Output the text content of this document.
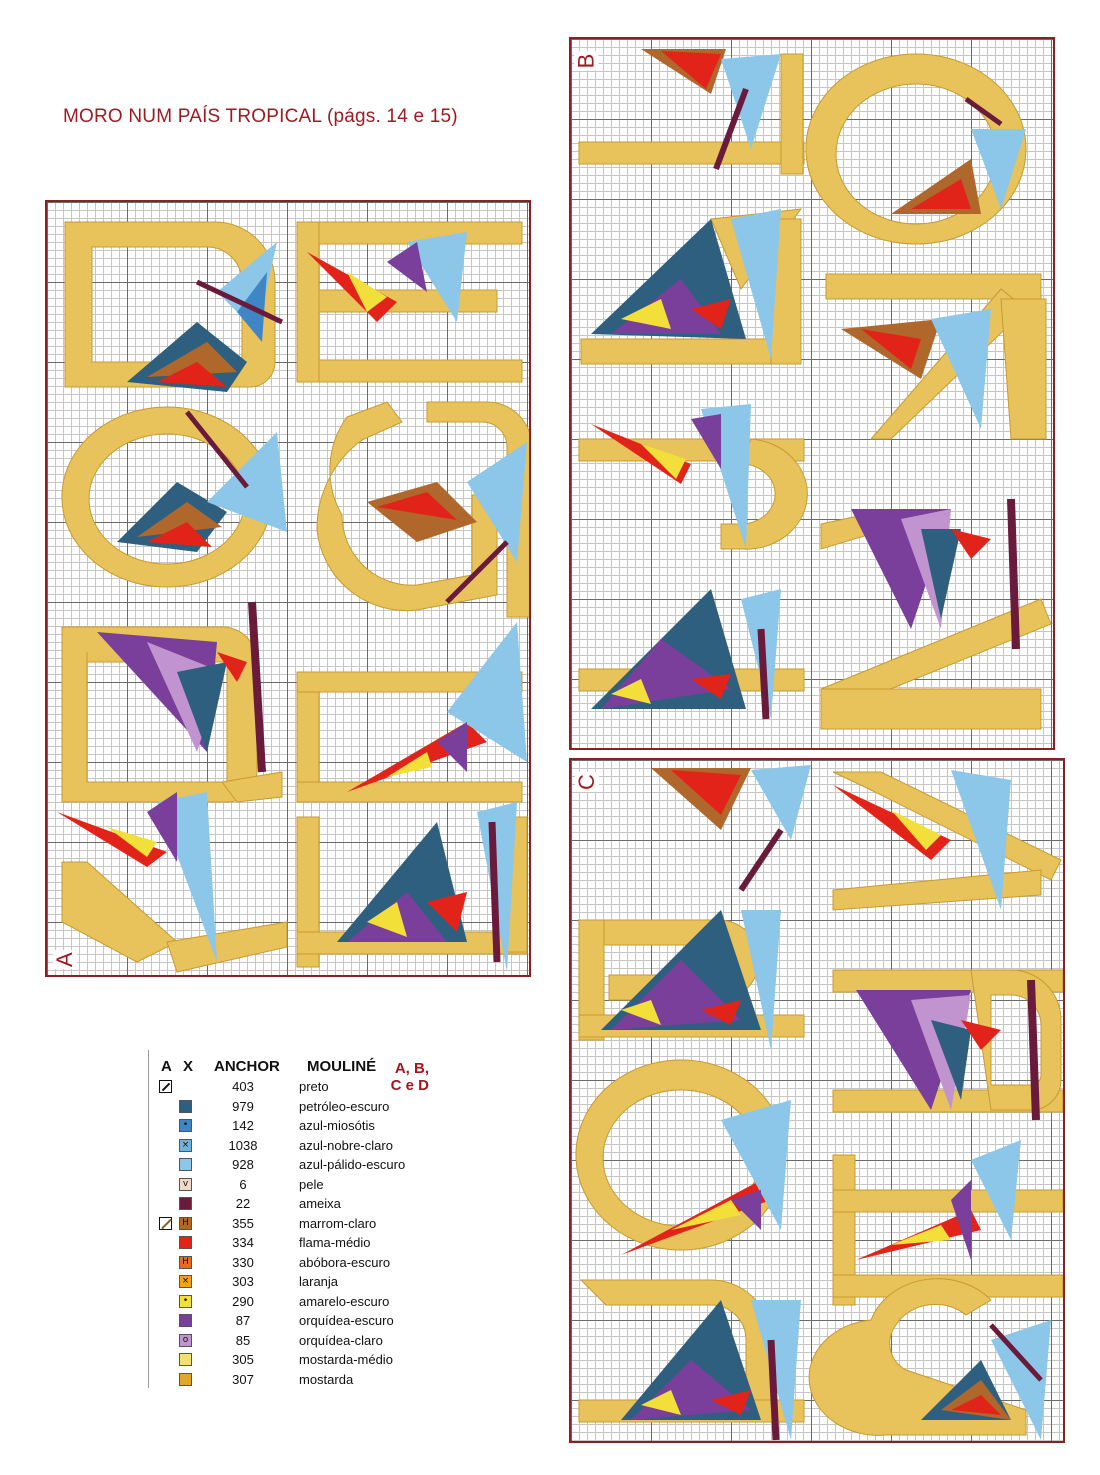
MORO NUM PAÍS TROPICAL (págs. 14 e 15)
A
B
C
A X ANCHOR MOULINÉ	A, B, C e D
403	preto
979	petróleo-escuro
•	142	azul-miosótis
×	1038	azul-nobre-claro
928	azul-pálido-escuro
v	6	pele
22	ameixa
H	355	marrom-claro
334	flama-médio
H	330	abóbora-escuro
×	303	laranja
•	290	amarelo-escuro
87	orquídea-escuro
o	85	orquídea-claro
305	mostarda-médio
307	mostarda
